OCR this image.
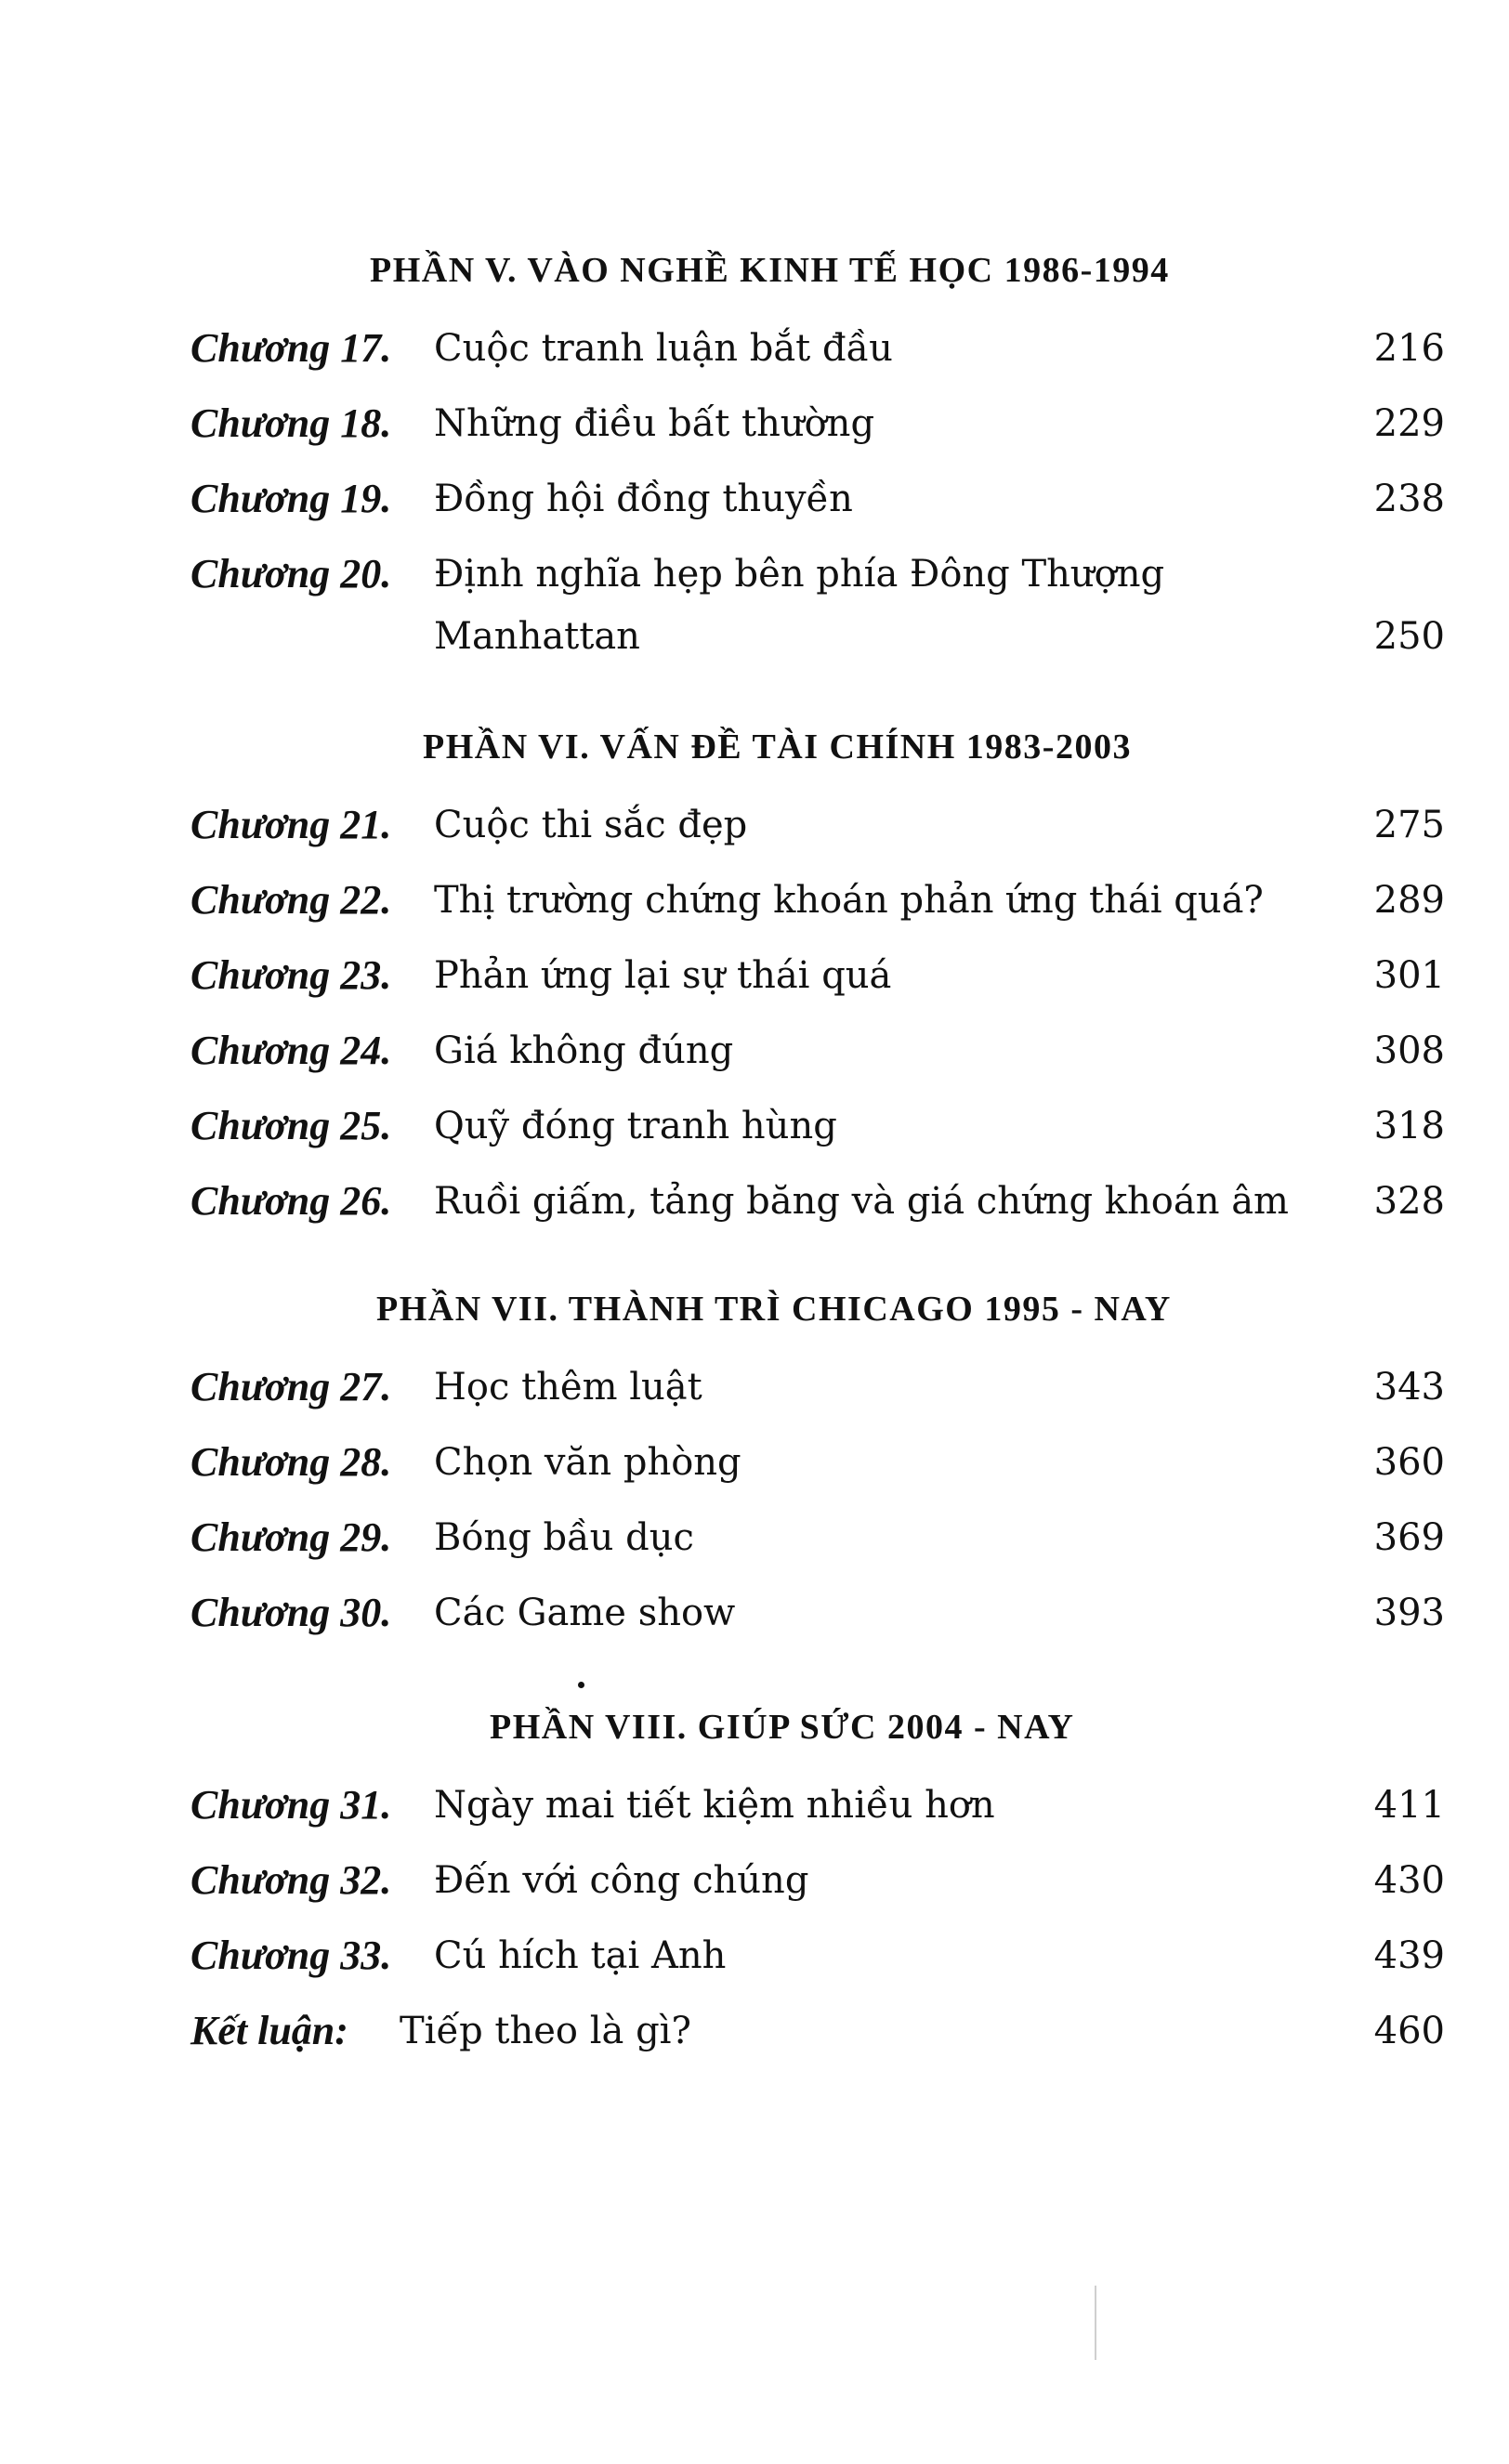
PHẦN V. VÀO NGHỀ KINH TẾ HỌC 1986-1994
Chương 17. Cuộc tranh luận bắt đầu	216
Chương 18. Những điều bất thường	229
Chương 19. Đồng hội đồng thuyền	238
Chương 20. Định nghĩa hẹp bên phía Đông Thượng
Manhattan	250
PHẦN VI. VẤN ĐỀ TÀI CHÍNH 1983-2003
Chương 21. Cuộc thi sắc đẹp	275
Chương 22. Thị trường chứng khoán phản ứng thái quá?	289
Chương 23. Phản ứng lại sự thái quá	301
Chương 24. Giá không đúng	308
Chương 25. Quỹ đóng tranh hùng	318
Chương 26. Ruồi giấm, tảng băng và giá chứng khoán âm 328
PHẦN VII. THÀNH TRÌ CHICAGO 1995 - NAY
Chương 27. Học thêm luật	343
Chương 28. Chọn văn phòng	360
Chương 29. Bóng bầu dục	369
Chương 30. Các Game show	393
PHẦN VIII. GIÚP SỨC 2004 - NAY
Chương 31. Ngày mai tiết kiệm nhiều hơn	411
Chương 32. Đến với công chúng	430
Chương 33. Cú hích tại Anh	439
Kết luận: Tiếp theo là gì?	460
